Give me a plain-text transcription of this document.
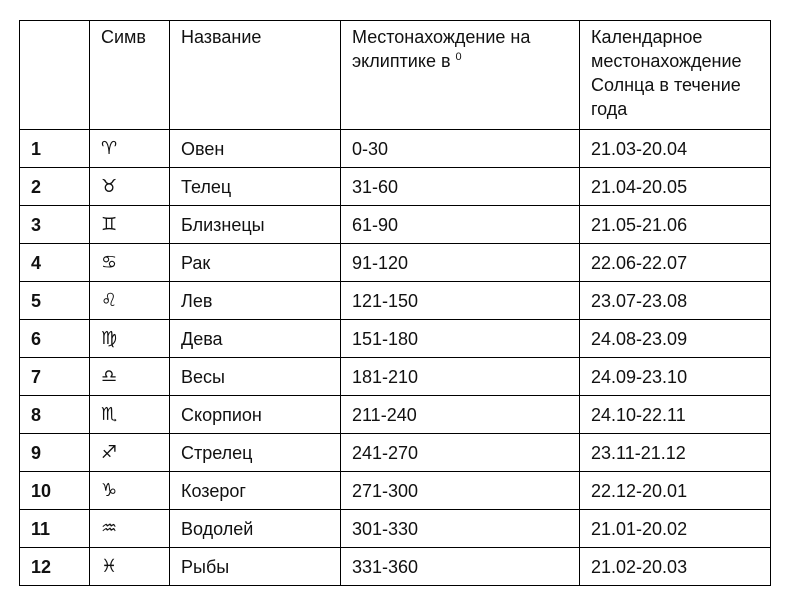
	Симв	Название	Местонахождение на эклиптике в $^0$	Календарное местонахождение Солнца в течение года
1	♈	Овен	0-30	21.03-20.04
2	♉	Телец	31-60	21.04-20.05
3	♊	Близнецы	61-90	21.05-21.06
4	♋	Рак	91-120	22.06-22.07
5	♌	Лев	121-150	23.07-23.08
6	♍	Дева	151-180	24.08-23.09
7	♎	Весы	181-210	24.09-23.10
8	♏	Скорпион	211-240	24.10-22.11
9	♐	Стрелец	241-270	23.11-21.12
10	♑	Козерог	271-300	22.12-20.01
11	♒	Водолей	301-330	21.01-20.02
12	♓	Рыбы	331-360	21.02-20.03
